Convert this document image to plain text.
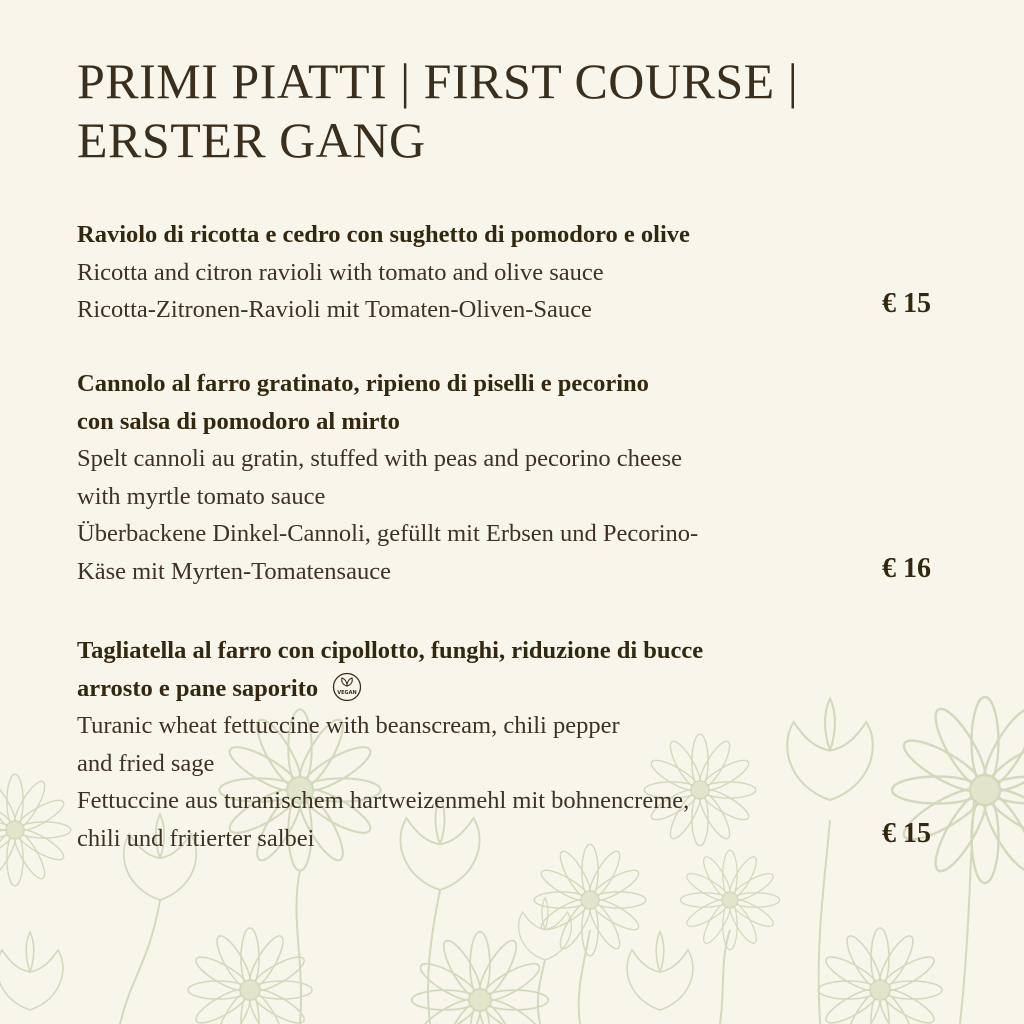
PRIMI PIATTI | FIRST COURSE |
ERSTER GANG
Raviolo di ricotta e cedro con sughetto di pomodoro e olive
Ricotta and citron ravioli with tomato and olive sauce
Ricotta-Zitronen-Ravioli mit Tomaten-Oliven-Sauce	€ 15
Cannolo al farro gratinato, ripieno di piselli e pecorino
con salsa di pomodoro al mirto
Spelt cannoli au gratin, stuffed with peas and pecorino cheese
with myrtle tomato sauce
Überbackene Dinkel-Cannoli, gefüllt mit Erbsen und Pecorino-
Käse mit Myrten-Tomatensauce	€ 16
Tagliatella al farro con cipollotto, funghi, riduzione di bucce
arrosto e pane saporito	VEGAN
Turanic wheat fettuccine with beanscream, chili pepper
and fried sage
Fettuccine aus turanischem hartweizenmehl mit bohnencreme,
chili und fritierter salbei	€ 15
